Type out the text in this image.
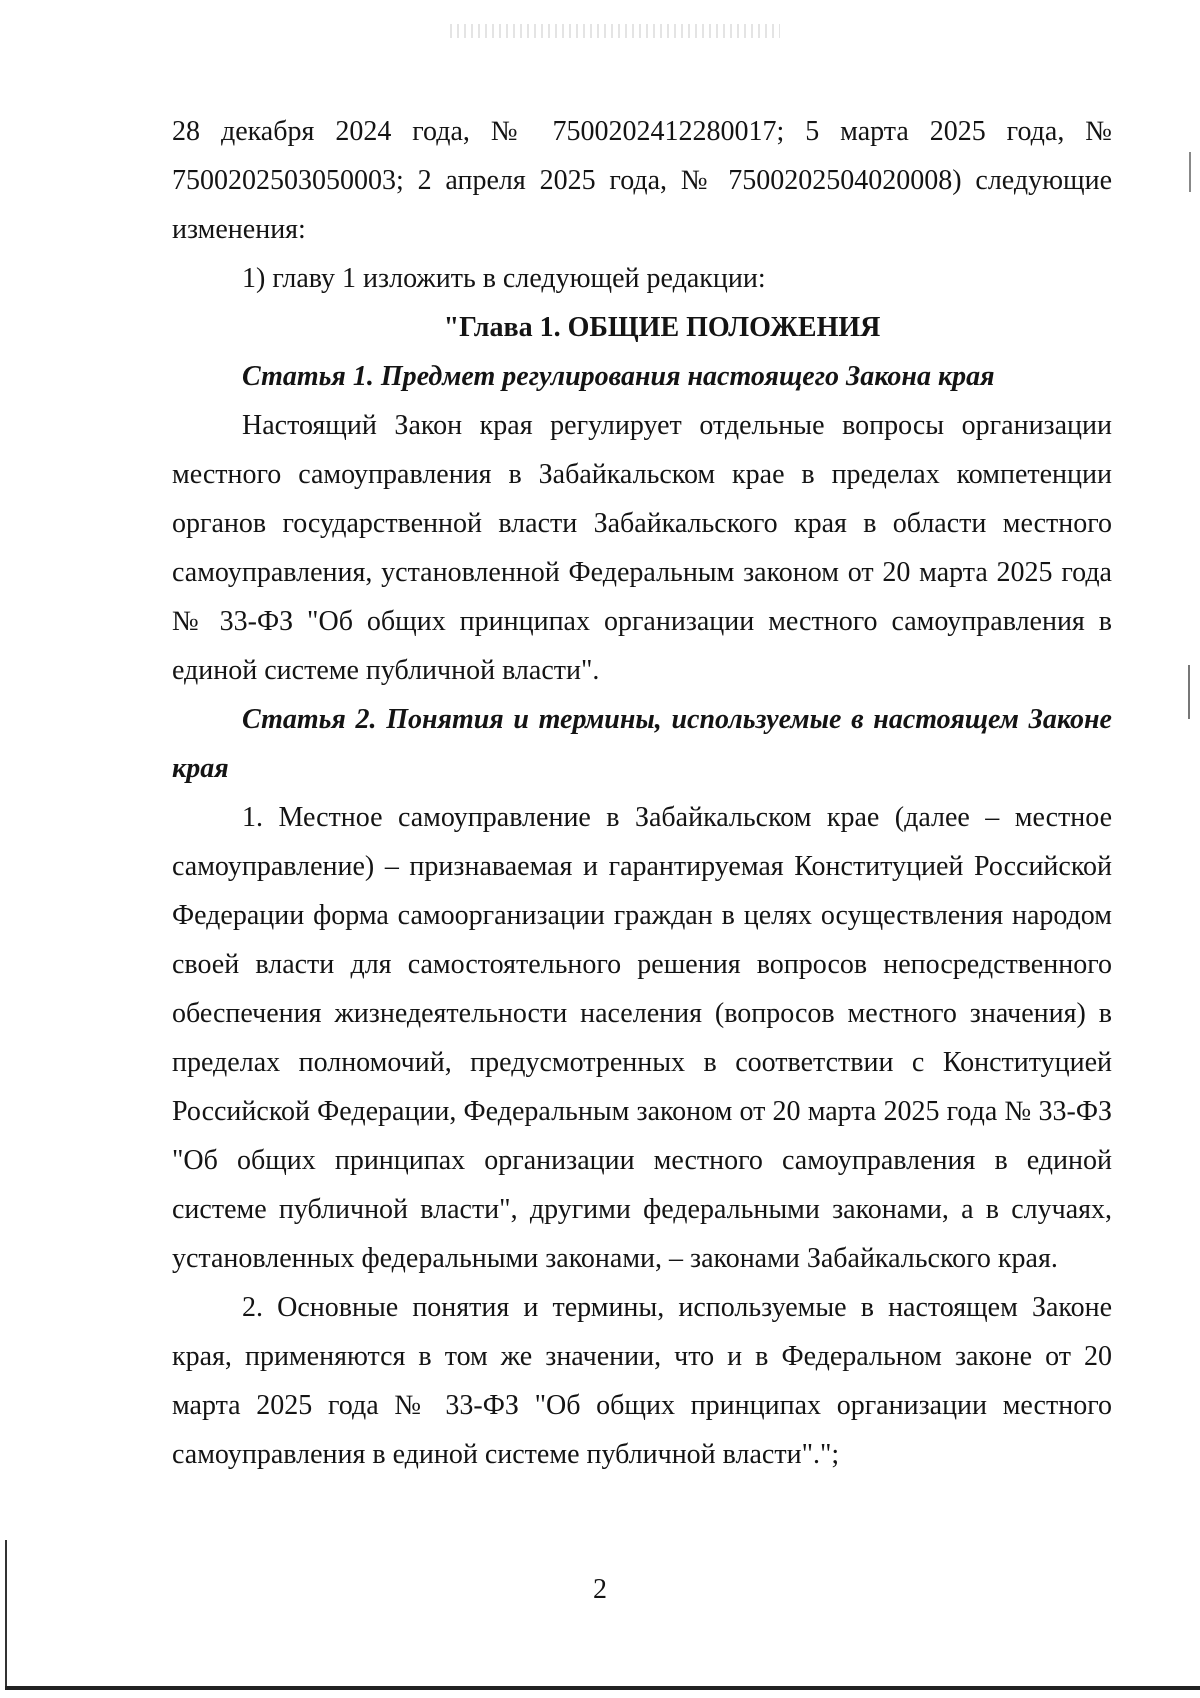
28 декабря 2024 года, № 7500202412280017; 5 марта 2025 года, № 7500202503050003; 2 апреля 2025 года, № 7500202504020008) следующие изменения:

1) главу 1 изложить в следующей редакции:

"Глава 1. ОБЩИЕ ПОЛОЖЕНИЯ

Статья 1. Предмет регулирования настоящего Закона края

Настоящий Закон края регулирует отдельные вопросы организации местного самоуправления в Забайкальском крае в пределах компетенции органов государственной власти Забайкальского края в области местного самоуправления, установленной Федеральным законом от 20 марта 2025 года № 33-ФЗ "Об общих принципах организации местного самоуправления в единой системе публичной власти".

Статья 2. Понятия и термины, используемые в настоящем Законе края

1. Местное самоуправление в Забайкальском крае (далее – местное самоуправление) – признаваемая и гарантируемая Конституцией Российской Федерации форма самоорганизации граждан в целях осуществления народом своей власти для самостоятельного решения вопросов непосредственного обеспечения жизнедеятельности населения (вопросов местного значения) в пределах полномочий, предусмотренных в соответствии с Конституцией Российской Федерации, Федеральным законом от 20 марта 2025 года № 33-ФЗ "Об общих принципах организации местного самоуправления в единой системе публичной власти", другими федеральными законами, а в случаях, установленных федеральными законами, – законами Забайкальского края.

2. Основные понятия и термины, используемые в настоящем Законе края, применяются в том же значении, что и в Федеральном законе от 20 марта 2025 года № 33-ФЗ "Об общих принципах организации местного самоуправления в единой системе публичной власти".";

2
